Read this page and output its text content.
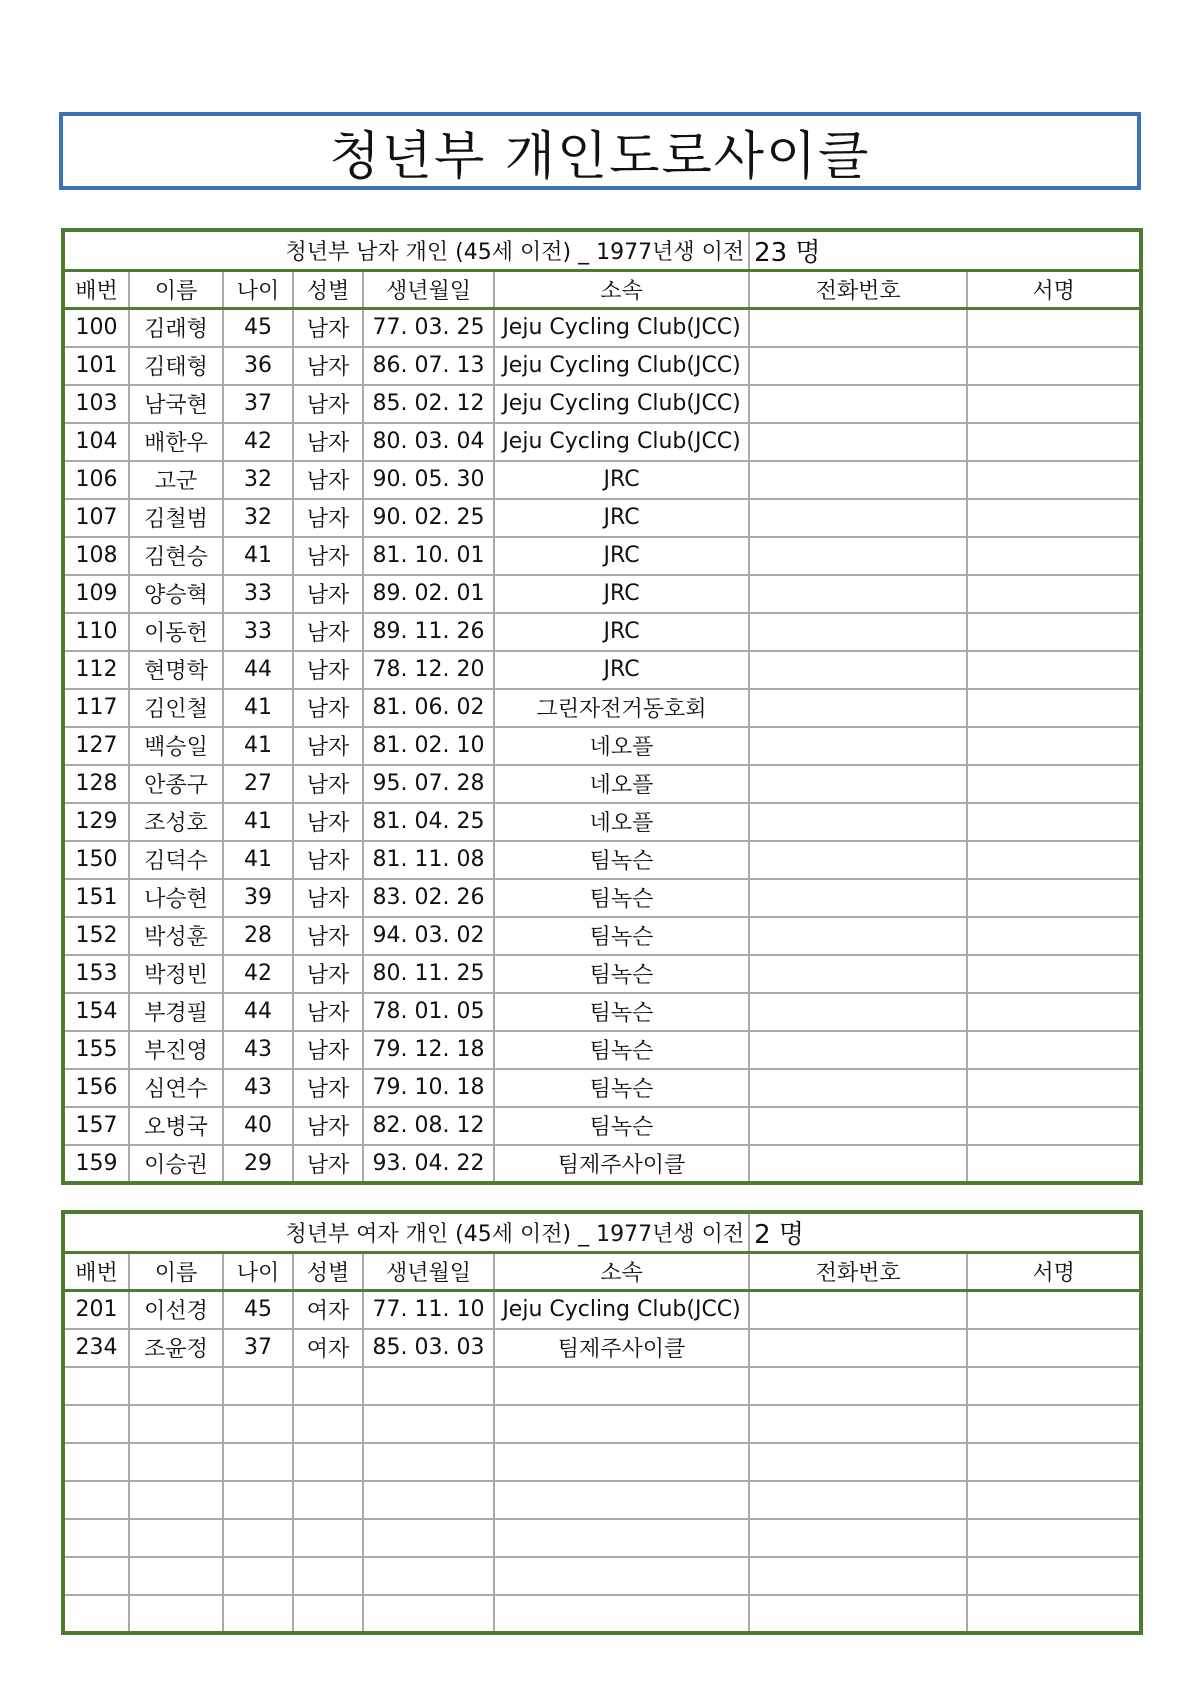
청년부 개인도로사이클
청년부 남자 개인 (45세 이전) _ 1977년생 이전						23 명	
배번	이름	나이	성별	생년월일	소속	전화번호	서명
100	김래형	45	남자	77. 03. 25	Jeju Cycling Club(JCC)		
101	김태형	36	남자	86. 07. 13	Jeju Cycling Club(JCC)		
103	남국현	37	남자	85. 02. 12	Jeju Cycling Club(JCC)		
104	배한우	42	남자	80. 03. 04	Jeju Cycling Club(JCC)		
106	고군	32	남자	90. 05. 30	JRC		
107	김철범	32	남자	90. 02. 25	JRC		
108	김현승	41	남자	81. 10. 01	JRC		
109	양승혁	33	남자	89. 02. 01	JRC		
110	이동헌	33	남자	89. 11. 26	JRC		
112	현명학	44	남자	78. 12. 20	JRC		
117	김인철	41	남자	81. 06. 02	그린자전거동호회		
127	백승일	41	남자	81. 02. 10	네오플		
128	안종구	27	남자	95. 07. 28	네오플		
129	조성호	41	남자	81. 04. 25	네오플		
150	김덕수	41	남자	81. 11. 08	팀녹슨		
151	나승현	39	남자	83. 02. 26	팀녹슨		
152	박성훈	28	남자	94. 03. 02	팀녹슨		
153	박정빈	42	남자	80. 11. 25	팀녹슨		
154	부경필	44	남자	78. 01. 05	팀녹슨		
155	부진영	43	남자	79. 12. 18	팀녹슨		
156	심연수	43	남자	79. 10. 18	팀녹슨		
157	오병국	40	남자	82. 08. 12	팀녹슨		
159	이승권	29	남자	93. 04. 22	팀제주사이클		
청년부 여자 개인 (45세 이전) _ 1977년생 이전						2 명	
배번	이름	나이	성별	생년월일	소속	전화번호	서명
201	이선경	45	여자	77. 11. 10	Jeju Cycling Club(JCC)		
234	조윤정	37	여자	85. 03. 03	팀제주사이클		
